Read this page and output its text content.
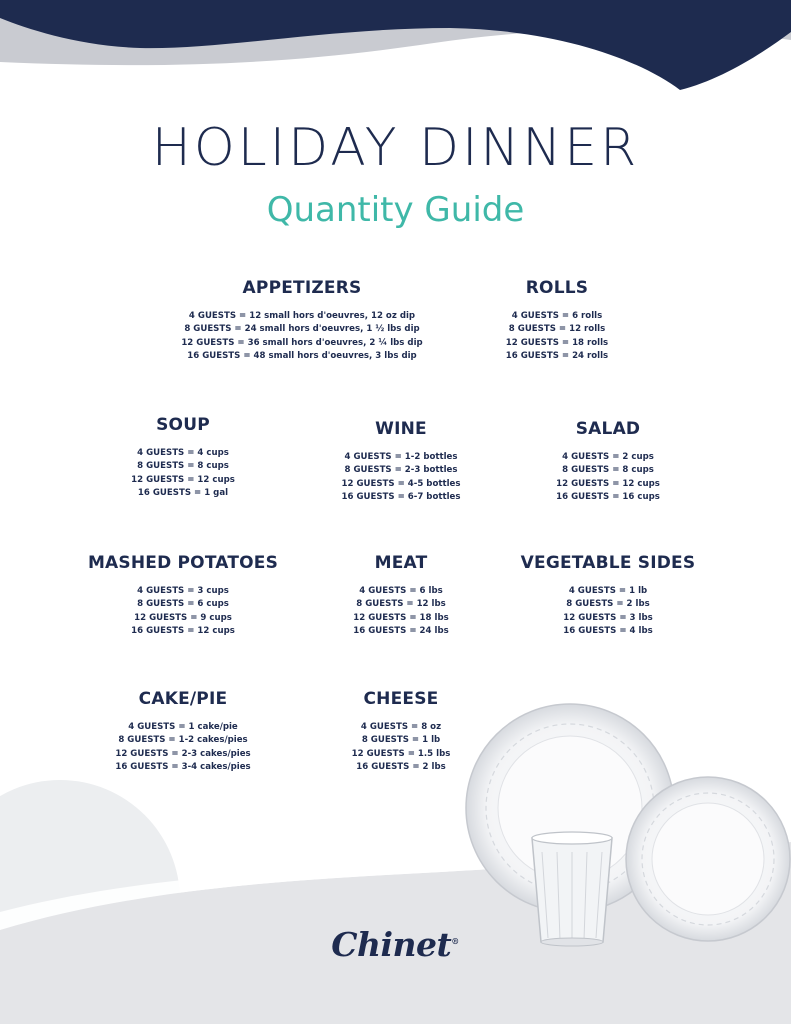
HOLIDAY DINNER
Quantity Guide
APPETIZERS
4 GUESTS = 12 small hors d'oeuvres, 12 oz dip
8 GUESTS = 24 small hors d'oeuvres, 1 ½ lbs dip
12 GUESTS = 36 small hors d'oeuvres, 2 ¼ lbs dip
16 GUESTS = 48 small hors d'oeuvres, 3 lbs dip
ROLLS
4 GUESTS = 6 rolls
8 GUESTS = 12 rolls
12 GUESTS = 18 rolls
16 GUESTS = 24 rolls
SOUP
4 GUESTS = 4 cups
8 GUESTS = 8 cups
12 GUESTS = 12 cups
16 GUESTS = 1 gal
WINE
4 GUESTS = 1-2 bottles
8 GUESTS = 2-3 bottles
12 GUESTS = 4-5 bottles
16 GUESTS = 6-7 bottles
SALAD
4 GUESTS = 2 cups
8 GUESTS = 8 cups
12 GUESTS = 12 cups
16 GUESTS = 16 cups
MASHED POTATOES
4 GUESTS = 3 cups
8 GUESTS = 6 cups
12 GUESTS = 9 cups
16 GUESTS = 12 cups
MEAT
4 GUESTS = 6 lbs
8 GUESTS = 12 lbs
12 GUESTS = 18 lbs
16 GUESTS = 24 lbs
VEGETABLE SIDES
4 GUESTS = 1 lb
8 GUESTS = 2 lbs
12 GUESTS = 3 lbs
16 GUESTS = 4 lbs
CAKE/PIE
4 GUESTS = 1 cake/pie
8 GUESTS = 1-2 cakes/pies
12 GUESTS = 2-3 cakes/pies
16 GUESTS = 3-4 cakes/pies
CHEESE
4 GUESTS = 8 oz
8 GUESTS = 1 lb
12 GUESTS = 1.5 lbs
16 GUESTS = 2 lbs
Chinet®
